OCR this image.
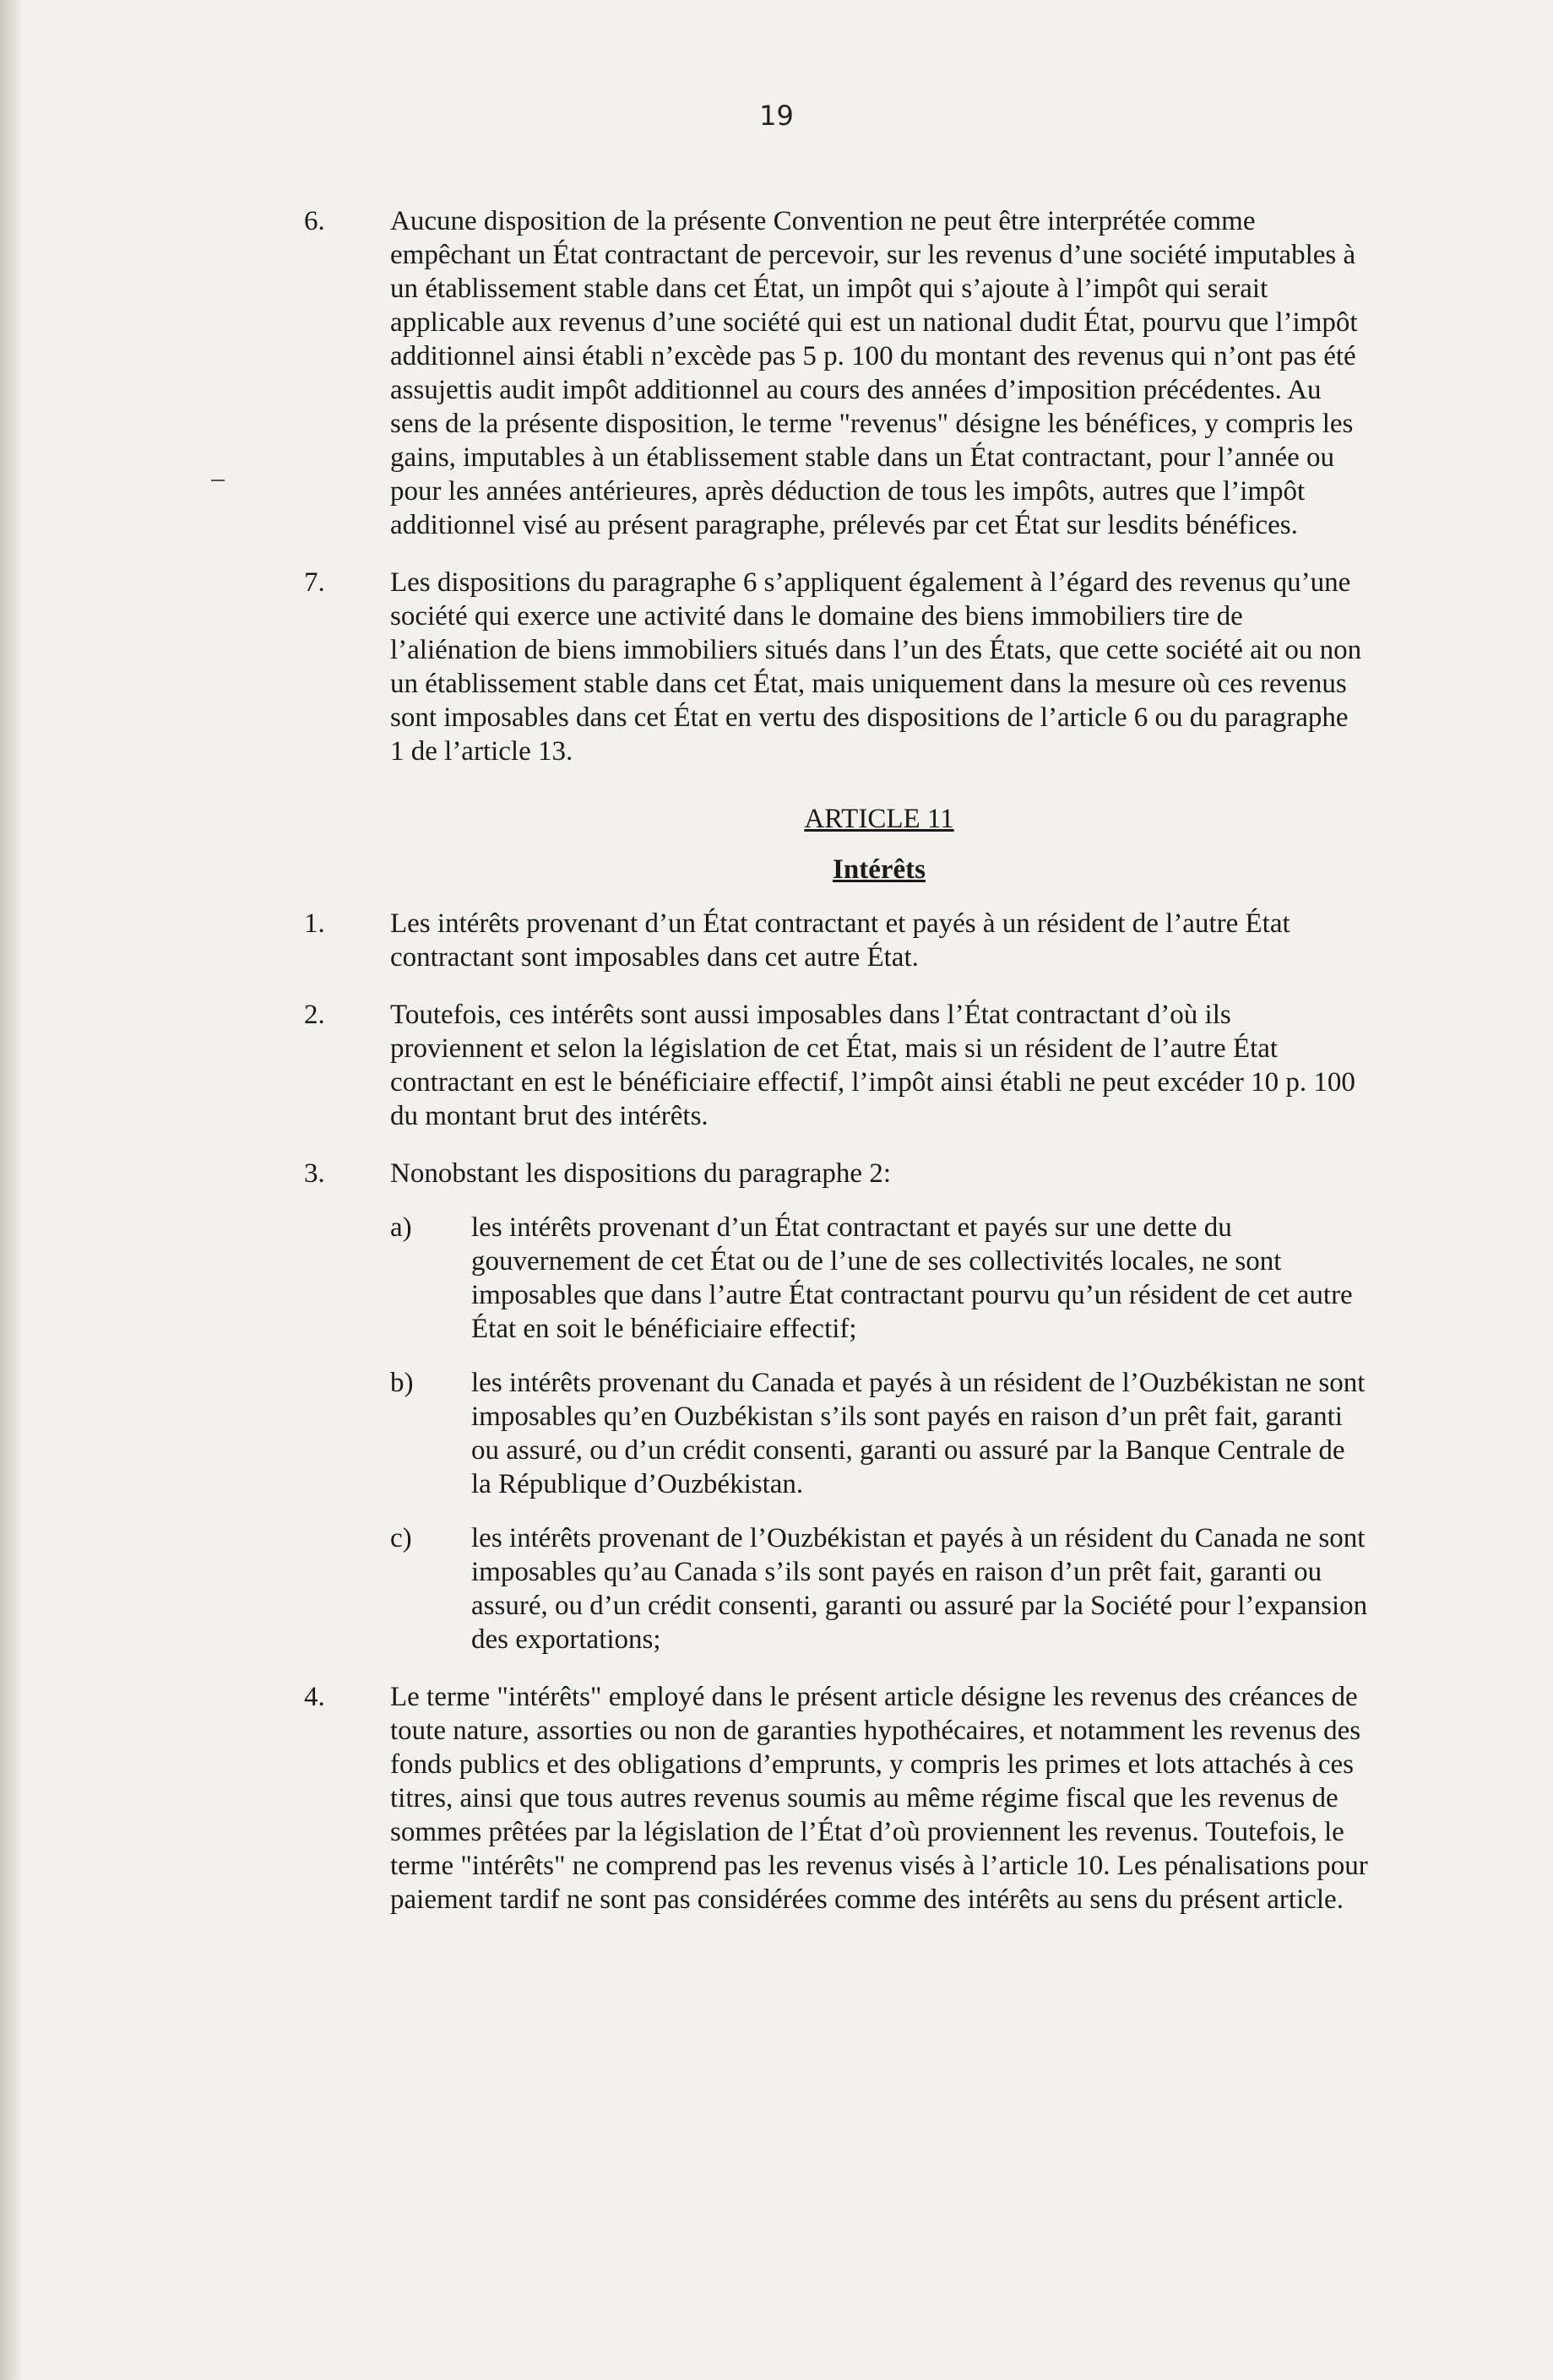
19
6. Aucune disposition de la présente Convention ne peut être interprétée comme empêchant un État contractant de percevoir, sur les revenus d’une société imputables à un établissement stable dans cet État, un impôt qui s’ajoute à l’impôt qui serait applicable aux revenus d’une société qui est un national dudit État, pourvu que l’impôt additionnel ainsi établi n’excède pas 5 p. 100 du montant des revenus qui n’ont pas été assujettis audit impôt additionnel au cours des années d’imposition précédentes. Au sens de la présente disposition, le terme "revenus" désigne les bénéfices, y compris les gains, imputables à un établissement stable dans un État contractant, pour l’année ou pour les années antérieures, après déduction de tous les impôts, autres que l’impôt additionnel visé au présent paragraphe, prélevés par cet État sur lesdits bénéfices.
7. Les dispositions du paragraphe 6 s’appliquent également à l’égard des revenus qu’une société qui exerce une activité dans le domaine des biens immobiliers tire de l’aliénation de biens immobiliers situés dans l’un des États, que cette société ait ou non un établissement stable dans cet État, mais uniquement dans la mesure où ces revenus sont imposables dans cet État en vertu des dispositions de l’article 6 ou du paragraphe 1 de l’article 13.
ARTICLE 11
Intérêts
1. Les intérêts provenant d’un État contractant et payés à un résident de l’autre État contractant sont imposables dans cet autre État.
2. Toutefois, ces intérêts sont aussi imposables dans l’État contractant d’où ils proviennent et selon la législation de cet État, mais si un résident de l’autre État contractant en est le bénéficiaire effectif, l’impôt ainsi établi ne peut excéder 10 p. 100 du montant brut des intérêts.
3. Nonobstant les dispositions du paragraphe 2:
a) les intérêts provenant d’un État contractant et payés sur une dette du gouvernement de cet État ou de l’une de ses collectivités locales, ne sont imposables que dans l’autre État contractant pourvu qu’un résident de cet autre État en soit le bénéficiaire effectif;
b) les intérêts provenant du Canada et payés à un résident de l’Ouzbékistan ne sont imposables qu’en Ouzbékistan s’ils sont payés en raison d’un prêt fait, garanti ou assuré, ou d’un crédit consenti, garanti ou assuré par la Banque Centrale de la République d’Ouzbékistan.
c) les intérêts provenant de l’Ouzbékistan et payés à un résident du Canada ne sont imposables qu’au Canada s’ils sont payés en raison d’un prêt fait, garanti ou assuré, ou d’un crédit consenti, garanti ou assuré par la Société pour l’expansion des exportations;
4. Le terme "intérêts" employé dans le présent article désigne les revenus des créances de toute nature, assorties ou non de garanties hypothécaires, et notamment les revenus des fonds publics et des obligations d’emprunts, y compris les primes et lots attachés à ces titres, ainsi que tous autres revenus soumis au même régime fiscal que les revenus de sommes prêtées par la législation de l’État d’où proviennent les revenus. Toutefois, le terme "intérêts" ne comprend pas les revenus visés à l’article 10. Les pénalisations pour paiement tardif ne sont pas considérées comme des intérêts au sens du présent article.
